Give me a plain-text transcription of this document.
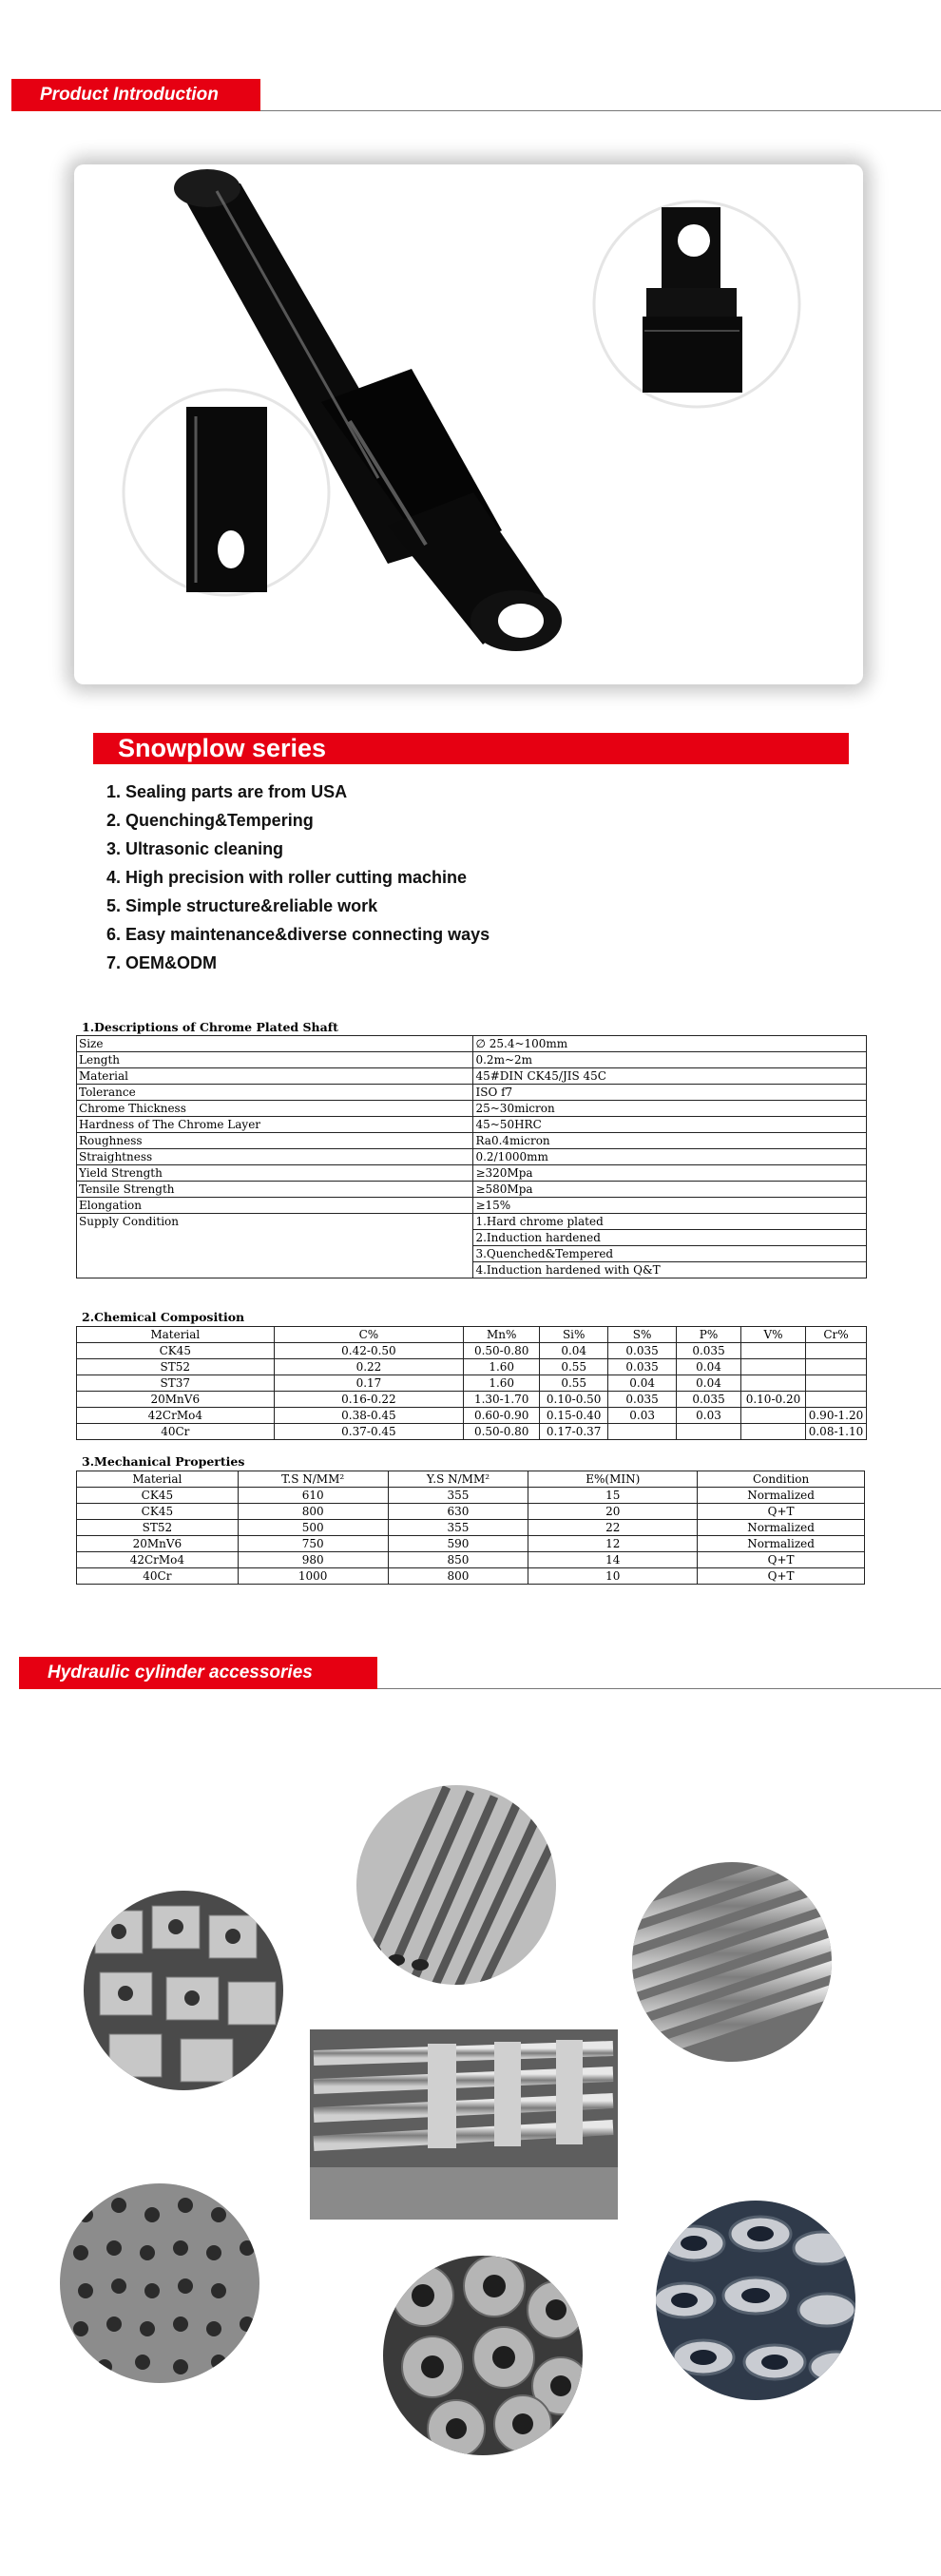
Product Introduction
Snowplow series
1. Sealing parts are from USA
2. Quenching&Tempering
3. Ultrasonic cleaning
4. High precision with roller cutting machine
5. Simple structure&reliable work
6. Easy maintenance&diverse connecting ways
7. OEM&ODM
1.Descriptions of Chrome Plated Shaft
Size	∅ 25.4~100mm
Length	0.2m~2m
Material	45#DIN CK45/JIS 45C
Tolerance	ISO f7
Chrome Thickness	25~30micron
Hardness of The Chrome Layer	45~50HRC
Roughness	Ra0.4micron
Straightness	0.2/1000mm
Yield Strength	≥320Mpa
Tensile Strength	≥580Mpa
Elongation	≥15%
Supply Condition	1.Hard chrome plated
	2.Induction hardened
	3.Quenched&Tempered
	4.Induction hardened with Q&T
2.Chemical Composition
Material	C%	Mn%	Si%	S%	P%	V%	Cr%
CK45	0.42-0.50	0.50-0.80	0.04	0.035	0.035		
ST52	0.22	1.60	0.55	0.035	0.04		
ST37	0.17	1.60	0.55	0.04	0.04		
20MnV6	0.16-0.22	1.30-1.70	0.10-0.50	0.035	0.035	0.10-0.20	
42CrMo4	0.38-0.45	0.60-0.90	0.15-0.40	0.03	0.03		0.90-1.20
40Cr	0.37-0.45	0.50-0.80	0.17-0.37				0.08-1.10
3.Mechanical Properties
Material	T.S N/MM²	Y.S N/MM²	E%(MIN)	Condition
CK45	610	355	15	Normalized
CK45	800	630	20	Q+T
ST52	500	355	22	Normalized
20MnV6	750	590	12	Normalized
42CrMo4	980	850	14	Q+T
40Cr	1000	800	10	Q+T
Hydraulic cylinder accessories
